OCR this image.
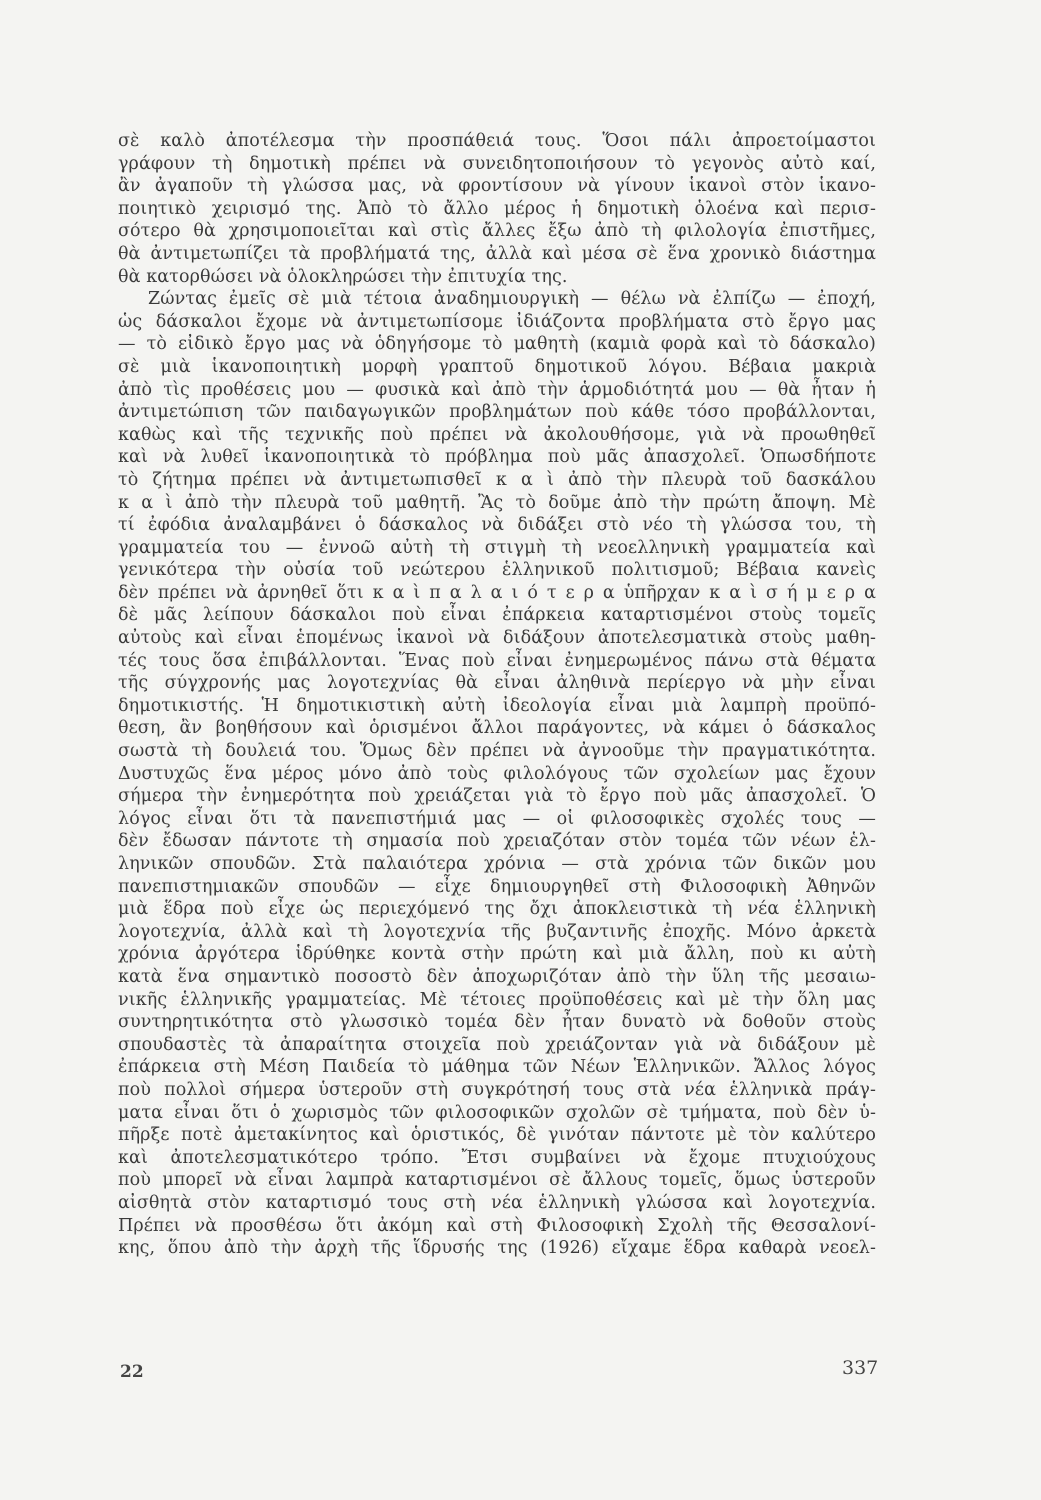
σὲ καλὸ ἀποτέλεσμα τὴν προσπάθειά τους. Ὅσοι πάλι ἀπροετοίμαστοι
γράφουν τὴ δημοτικὴ πρέπει νὰ συνειδητοποιήσουν τὸ γεγονὸς αὐτὸ καί,
ἂν ἀγαποῦν τὴ γλώσσα μας, νὰ φροντίσουν νὰ γίνουν ἱκανοὶ στὸν ἱκανο-
ποιητικὸ χειρισμό της. Ἀπὸ τὸ ἄλλο μέρος ἡ δημοτικὴ ὁλοένα καὶ περισ-
σότερο θὰ χρησιμοποιεῖται καὶ στὶς ἄλλες ἔξω ἀπὸ τὴ φιλολογία ἐπιστῆμες,
θὰ ἀντιμετωπίζει τὰ προβλήματά της, ἀλλὰ καὶ μέσα σὲ ἕνα χρονικὸ διάστημα
θὰ κατορθώσει νὰ ὁλοκληρώσει τὴν ἐπιτυχία της.
Ζώντας ἐμεῖς σὲ μιὰ τέτοια ἀναδημιουργικὴ — θέλω νὰ ἐλπίζω — ἐποχή,
ὡς δάσκαλοι ἔχομε νὰ ἀντιμετωπίσομε ἰδιάζοντα προβλήματα στὸ ἔργο μας
— τὸ εἰδικὸ ἔργο μας νὰ ὁδηγήσομε τὸ μαθητὴ (καμιὰ φορὰ καὶ τὸ δάσκαλο)
σὲ μιὰ ἱκανοποιητικὴ μορφὴ γραπτοῦ δημοτικοῦ λόγου. Βέβαια μακριὰ
ἀπὸ τὶς προθέσεις μου — φυσικὰ καὶ ἀπὸ τὴν ἁρμοδιότητά μου — θὰ ἦταν ἡ
ἀντιμετώπιση τῶν παιδαγωγικῶν προβλημάτων ποὺ κάθε τόσο προβάλλονται,
καθὼς καὶ τῆς τεχνικῆς ποὺ πρέπει νὰ ἀκολουθήσομε, γιὰ νὰ προωθηθεῖ
καὶ νὰ λυθεῖ ἱκανοποιητικὰ τὸ πρόβλημα ποὺ μᾶς ἀπασχολεῖ. Ὁπωσδήποτε
τὸ ζήτημα πρέπει νὰ ἀντιμετωπισθεῖ κ α ὶ ἀπὸ τὴν πλευρὰ τοῦ δασκάλου
κ α ὶ ἀπὸ τὴν πλευρὰ τοῦ μαθητῆ. Ἂς τὸ δοῦμε ἀπὸ τὴν πρώτη ἄποψη. Μὲ
τί ἐφόδια ἀναλαμβάνει ὁ δάσκαλος νὰ διδάξει στὸ νέο τὴ γλώσσα του, τὴ
γραμματεία του — ἐννοῶ αὐτὴ τὴ στιγμὴ τὴ νεοελληνικὴ γραμματεία καὶ
γενικότερα τὴν οὐσία τοῦ νεώτερου ἑλληνικοῦ πολιτισμοῦ; Βέβαια κανεὶς
δὲν πρέπει νὰ ἀρνηθεῖ ὅτι κ α ὶ π α λ α ι ό τ ε ρ α ὑπῆρχαν κ α ὶ σ ή μ ε ρ α
δὲ μᾶς λείπουν δάσκαλοι ποὺ εἶναι ἐπάρκεια καταρτισμένοι στοὺς τομεῖς
αὐτοὺς καὶ εἶναι ἑπομένως ἱκανοὶ νὰ διδάξουν ἀποτελεσματικὰ στοὺς μαθη-
τές τους ὅσα ἐπιβάλλονται. Ἕνας ποὺ εἶναι ἐνημερωμένος πάνω στὰ θέματα
τῆς σύγχρονής μας λογοτεχνίας θὰ εἶναι ἀληθινὰ περίεργο νὰ μὴν εἶναι
δημοτικιστής. Ἡ δημοτικιστικὴ αὐτὴ ἰδεολογία εἶναι μιὰ λαμπρὴ προϋπό-
θεση, ἂν βοηθήσουν καὶ ὁρισμένοι ἄλλοι παράγοντες, νὰ κάμει ὁ δάσκαλος
σωστὰ τὴ δουλειά του. Ὅμως δὲν πρέπει νὰ ἀγνοοῦμε τὴν πραγματικότητα.
Δυστυχῶς ἕνα μέρος μόνο ἀπὸ τοὺς φιλολόγους τῶν σχολείων μας ἔχουν
σήμερα τὴν ἐνημερότητα ποὺ χρειάζεται γιὰ τὸ ἔργο ποὺ μᾶς ἀπασχολεῖ. Ὁ
λόγος εἶναι ὅτι τὰ πανεπιστήμιά μας — οἱ φιλοσοφικὲς σχολές τους —
δὲν ἔδωσαν πάντοτε τὴ σημασία ποὺ χρειαζόταν στὸν τομέα τῶν νέων ἑλ-
ληνικῶν σπουδῶν. Στὰ παλαιότερα χρόνια — στὰ χρόνια τῶν δικῶν μου
πανεπιστημιακῶν σπουδῶν — εἶχε δημιουργηθεῖ στὴ Φιλοσοφικὴ Ἀθηνῶν
μιὰ ἕδρα ποὺ εἶχε ὡς περιεχόμενό της ὄχι ἀποκλειστικὰ τὴ νέα ἑλληνικὴ
λογοτεχνία, ἀλλὰ καὶ τὴ λογοτεχνία τῆς βυζαντινῆς ἐποχῆς. Μόνο ἀρκετὰ
χρόνια ἀργότερα ἱδρύθηκε κοντὰ στὴν πρώτη καὶ μιὰ ἄλλη, ποὺ κι αὐτὴ
κατὰ ἕνα σημαντικὸ ποσοστὸ δὲν ἀποχωριζόταν ἀπὸ τὴν ὕλη τῆς μεσαιω-
νικῆς ἑλληνικῆς γραμματείας. Μὲ τέτοιες προϋποθέσεις καὶ μὲ τὴν ὅλη μας
συντηρητικότητα στὸ γλωσσικὸ τομέα δὲν ἦταν δυνατὸ νὰ δοθοῦν στοὺς
σπουδαστὲς τὰ ἀπαραίτητα στοιχεῖα ποὺ χρειάζονταν γιὰ νὰ διδάξουν μὲ
ἐπάρκεια στὴ Μέση Παιδεία τὸ μάθημα τῶν Νέων Ἑλληνικῶν. Ἄλλος λόγος
ποὺ πολλοὶ σήμερα ὑστεροῦν στὴ συγκρότησή τους στὰ νέα ἑλληνικὰ πράγ-
ματα εἶναι ὅτι ὁ χωρισμὸς τῶν φιλοσοφικῶν σχολῶν σὲ τμήματα, ποὺ δὲν ὑ-
πῆρξε ποτὲ ἀμετακίνητος καὶ ὁριστικός, δὲ γινόταν πάντοτε μὲ τὸν καλύτερο
καὶ ἀποτελεσματικότερο τρόπο. Ἔτσι συμβαίνει νὰ ἔχομε πτυχιούχους
ποὺ μπορεῖ νὰ εἶναι λαμπρὰ καταρτισμένοι σὲ ἄλλους τομεῖς, ὅμως ὑστεροῦν
αἰσθητὰ στὸν καταρτισμό τους στὴ νέα ἑλληνικὴ γλώσσα καὶ λογοτεχνία.
Πρέπει νὰ προσθέσω ὅτι ἀκόμη καὶ στὴ Φιλοσοφικὴ Σχολὴ τῆς Θεσσαλονί-
κης, ὅπου ἀπὸ τὴν ἀρχὴ τῆς ἵδρυσής της (1926) εἴχαμε ἕδρα καθαρὰ νεοελ-
22	337
